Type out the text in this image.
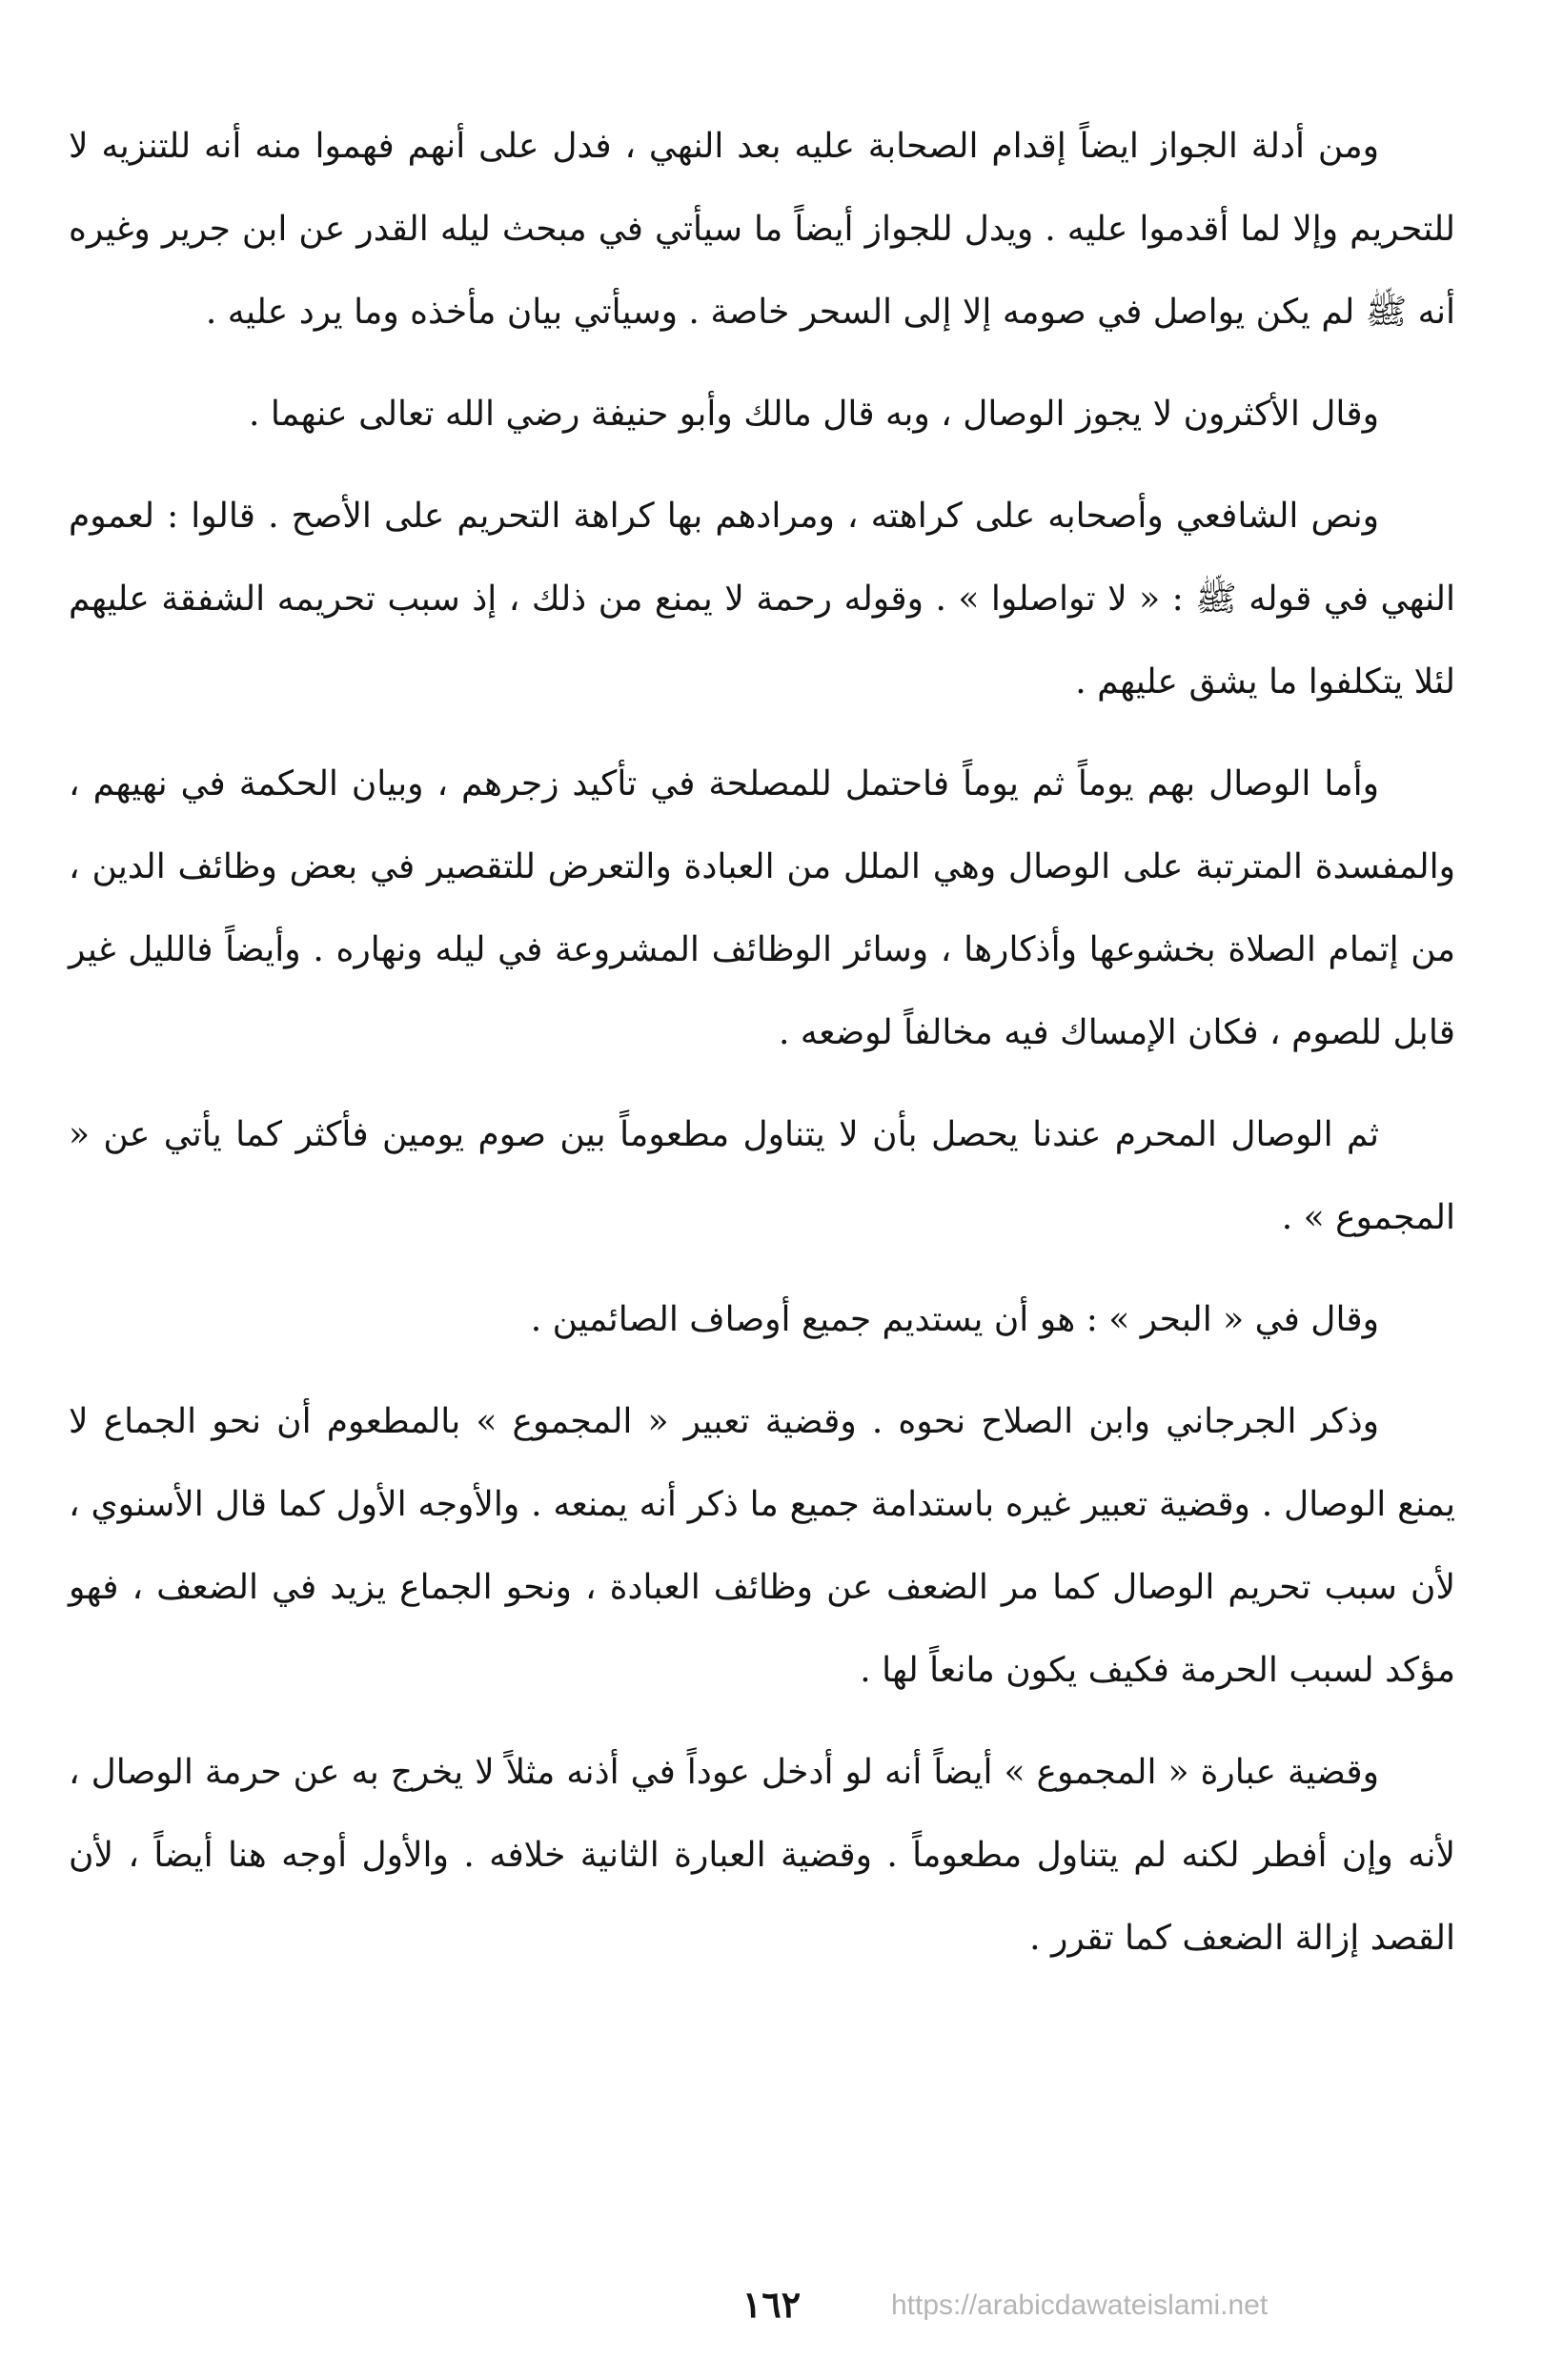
ومن أدلة الجواز ايضاً إقدام الصحابة عليه بعد النهي ، فدل على أنهم فهموا منه أنه للتنزيه لا للتحريم وإلا لما أقدموا عليه . ويدل للجواز أيضاً ما سيأتي في مبحث ليله القدر عن ابن جرير وغيره أنه ﷺ لم يكن يواصل في صومه إلا إلى السحر خاصة . وسيأتي بيان مأخذه وما يرد عليه .

وقال الأكثرون لا يجوز الوصال ، وبه قال مالك وأبو حنيفة رضي الله تعالى عنهما .

ونص الشافعي وأصحابه على كراهته ، ومرادهم بها كراهة التحريم على الأصح . قالوا : لعموم النهي في قوله ﷺ : « لا تواصلوا » . وقوله رحمة لا يمنع من ذلك ، إذ سبب تحريمه الشفقة عليهم لئلا يتكلفوا ما يشق عليهم .

وأما الوصال بهم يوماً ثم يوماً فاحتمل للمصلحة في تأكيد زجرهم ، وبيان الحكمة في نهيهم ، والمفسدة المترتبة على الوصال وهي الملل من العبادة والتعرض للتقصير في بعض وظائف الدين ، من إتمام الصلاة بخشوعها وأذكارها ، وسائر الوظائف المشروعة في ليله ونهاره . وأيضاً فالليل غير قابل للصوم ، فكان الإمساك فيه مخالفاً لوضعه .

ثم الوصال المحرم عندنا يحصل بأن لا يتناول مطعوماً بين صوم يومين فأكثر كما يأتي عن « المجموع » .

وقال في « البحر » : هو أن يستديم جميع أوصاف الصائمين .

وذكر الجرجاني وابن الصلاح نحوه . وقضية تعبير « المجموع » بالمطعوم أن نحو الجماع لا يمنع الوصال . وقضية تعبير غيره باستدامة جميع ما ذكر أنه يمنعه . والأوجه الأول كما قال الأسنوي ، لأن سبب تحريم الوصال كما مر الضعف عن وظائف العبادة ، ونحو الجماع يزيد في الضعف ، فهو مؤكد لسبب الحرمة فكيف يكون مانعاً لها .

وقضية عبارة « المجموع » أيضاً أنه لو أدخل عوداً في أذنه مثلاً لا يخرج به عن حرمة الوصال ، لأنه وإن أفطر لكنه لم يتناول مطعوماً . وقضية العبارة الثانية خلافه . والأول أوجه هنا أيضاً ، لأن القصد إزالة الضعف كما تقرر .

١٦٢	https://arabicdawateislami.net
